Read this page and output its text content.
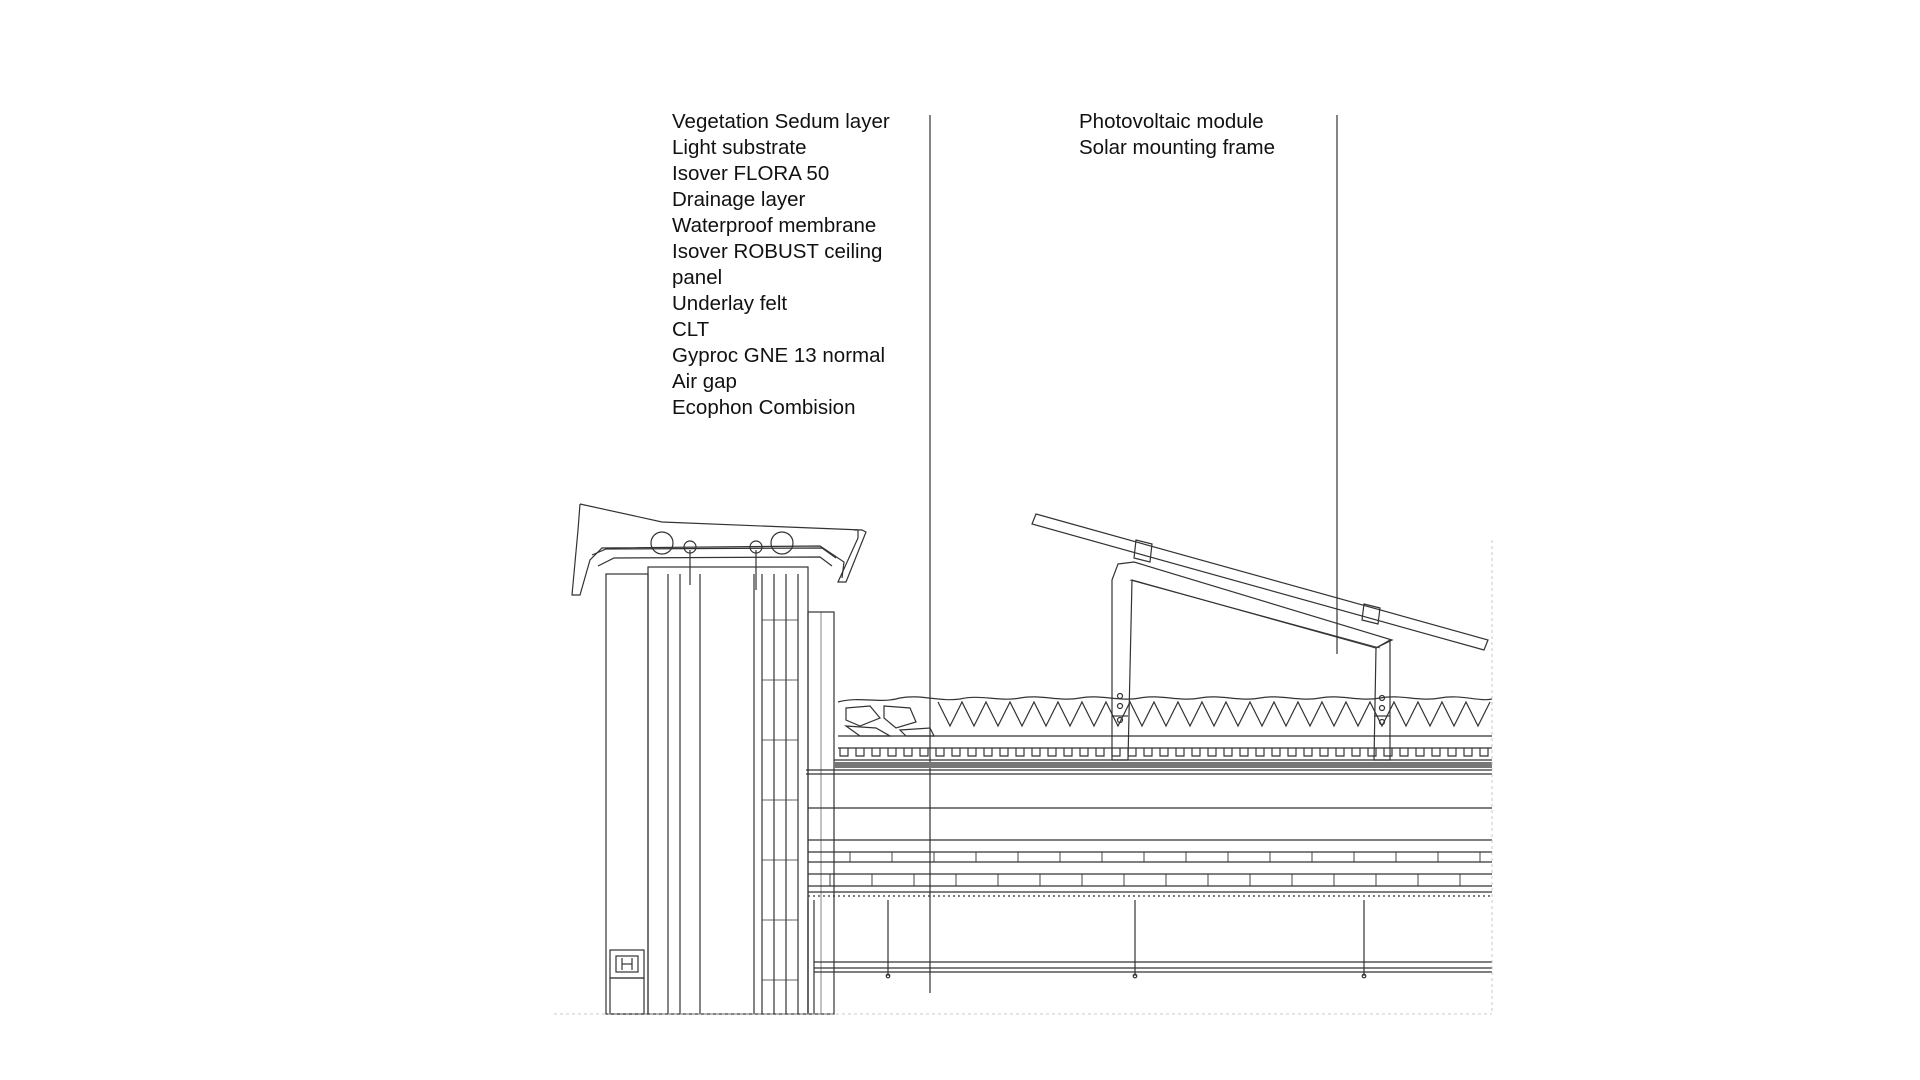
Vegetation Sedum layer
Light substrate
Isover FLORA 50
Drainage layer
Waterproof membrane
Isover ROBUST ceiling
panel
Underlay felt
CLT
Gyproc GNE 13 normal
Air gap
Ecophon Combision
Photovoltaic module
Solar mounting frame
